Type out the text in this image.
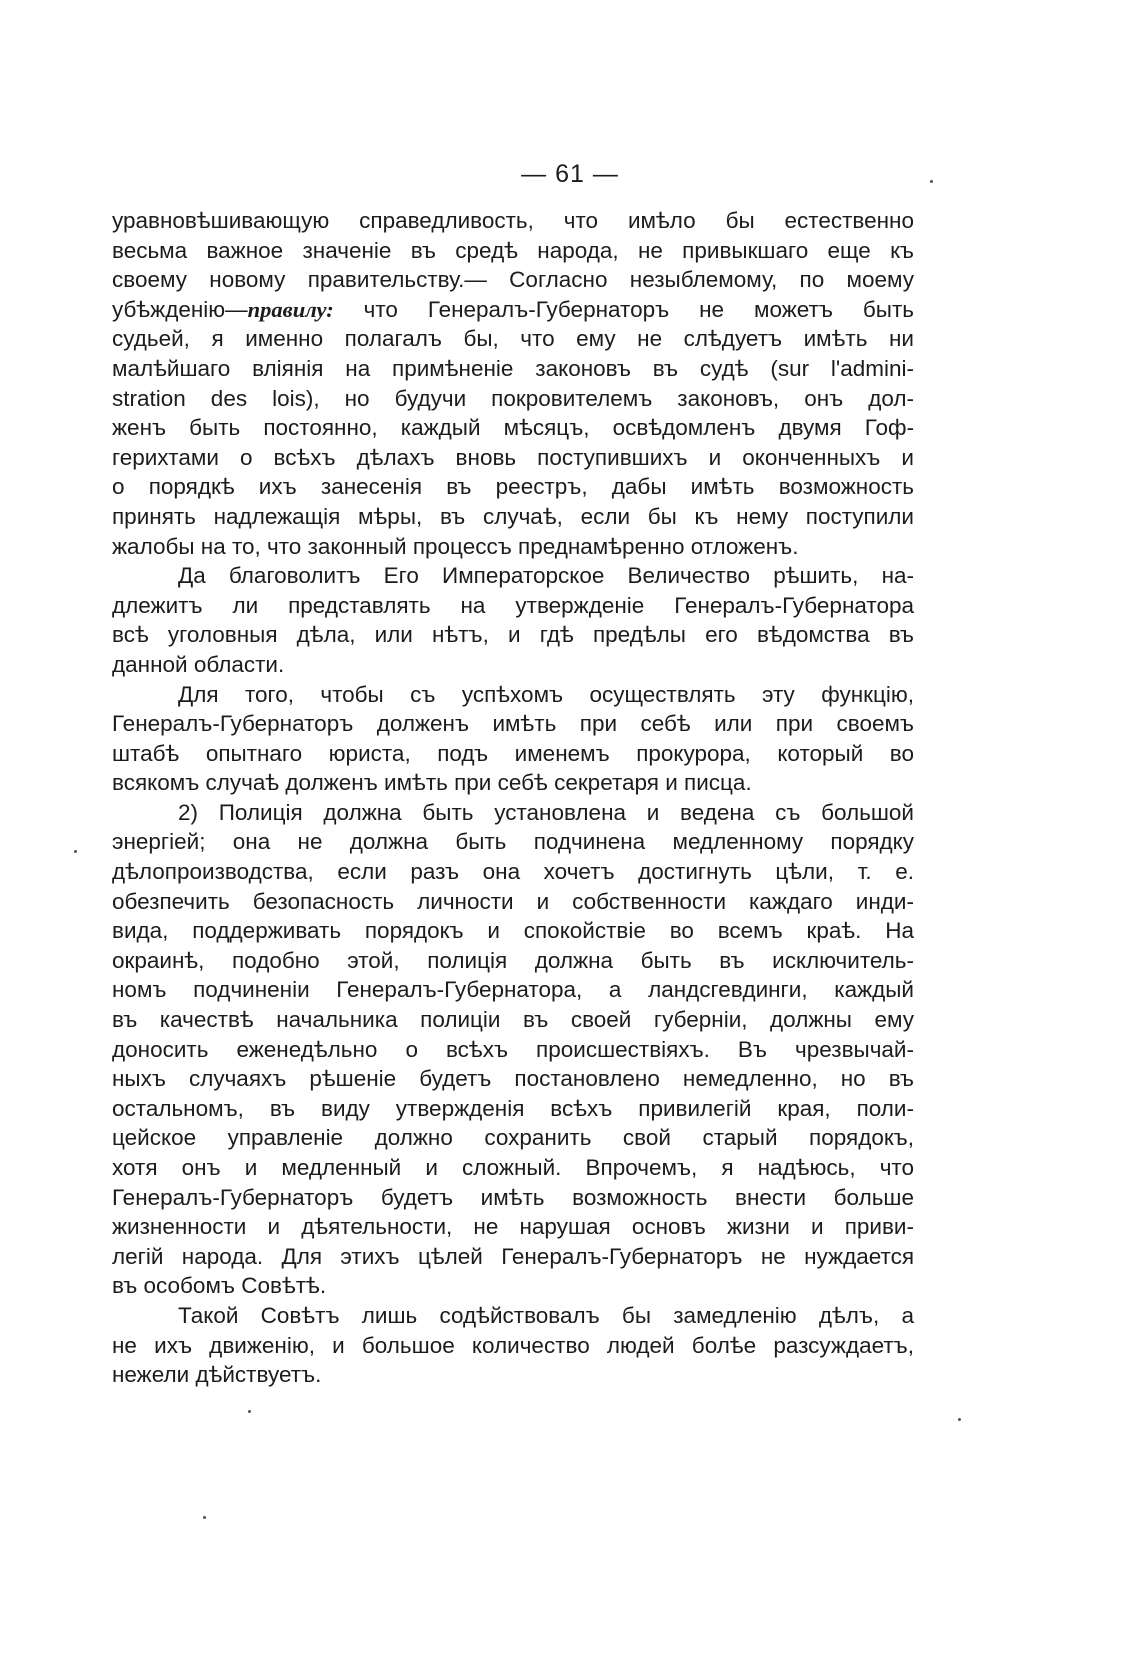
— 61 —
уравновѣшивающую справедливость, что имѣло бы естественно
весьма важное значенiе въ средѣ народа, не привыкшаго еще къ
своему новому правительству.— Согласно незыблемому, по моему
убѣжденiю—правилу: что Генералъ-Губернаторъ не можетъ быть
судьей, я именно полагалъ бы, что ему не слѣдуетъ имѣть ни
малѣйшаго влiянiя на примѣненiе законовъ въ судѣ (sur l'admini-
stration des lois), но будучи покровителемъ законовъ, онъ дол-
женъ быть постоянно, каждый мѣсяцъ, освѣдомленъ двумя Гоф-
герихтами о всѣхъ дѣлахъ вновь поступившихъ и оконченныхъ и
о порядкѣ ихъ занесенiя въ реестръ, дабы имѣть возможность
принять надлежащiя мѣры, въ случаѣ, если бы къ нему поступили
жалобы на то, что законный процессъ преднамѣренно отложенъ.
Да благоволитъ Его Императорское Величество рѣшить, на-
длежитъ ли представлять на утвержденiе Генералъ-Губернатора
всѣ уголовныя дѣла, или нѣтъ, и гдѣ предѣлы его вѣдомства въ
данной области.
Для того, чтобы съ успѣхомъ осуществлять эту функцiю,
Генералъ-Губернаторъ долженъ имѣть при себѣ или при своемъ
штабѣ опытнаго юриста, подъ именемъ прокурора, который во
всякомъ случаѣ долженъ имѣть при себѣ секретаря и писца.
2) Полицiя должна быть установлена и ведена съ большой
энергiей; она не должна быть подчинена медленному порядку
дѣлопроизводства, если разъ она хочетъ достигнуть цѣли, т. е.
обезпечить безопасность личности и собственности каждаго инди-
вида, поддерживать порядокъ и спокойствiе во всемъ краѣ. На
окраинѣ, подобно этой, полицiя должна быть въ исключитель-
номъ подчиненiи Генералъ-Губернатора, а ландсгевдинги, каждый
въ качествѣ начальника полицiи въ своей губернiи, должны ему
доносить еженедѣльно о всѣхъ происшествiяхъ. Въ чрезвычай-
ныхъ случаяхъ рѣшенiе будетъ постановлено немедленно, но въ
остальномъ, въ виду утвержденiя всѣхъ привилегiй края, поли-
цейское управленiе должно сохранить свой старый порядокъ,
хотя онъ и медленный и сложный. Впрочемъ, я надѣюсь, что
Генералъ-Губернаторъ будетъ имѣть возможность внести больше
жизненности и дѣятельности, не нарушая основъ жизни и приви-
легiй народа. Для этихъ цѣлей Генералъ-Губернаторъ не нуждается
въ особомъ Совѣтѣ.
Такой Совѣтъ лишь содѣйствовалъ бы замедленiю дѣлъ, а
не ихъ движенiю, и большое количество людей болѣе разсуждаетъ,
нежели дѣйствуетъ.
